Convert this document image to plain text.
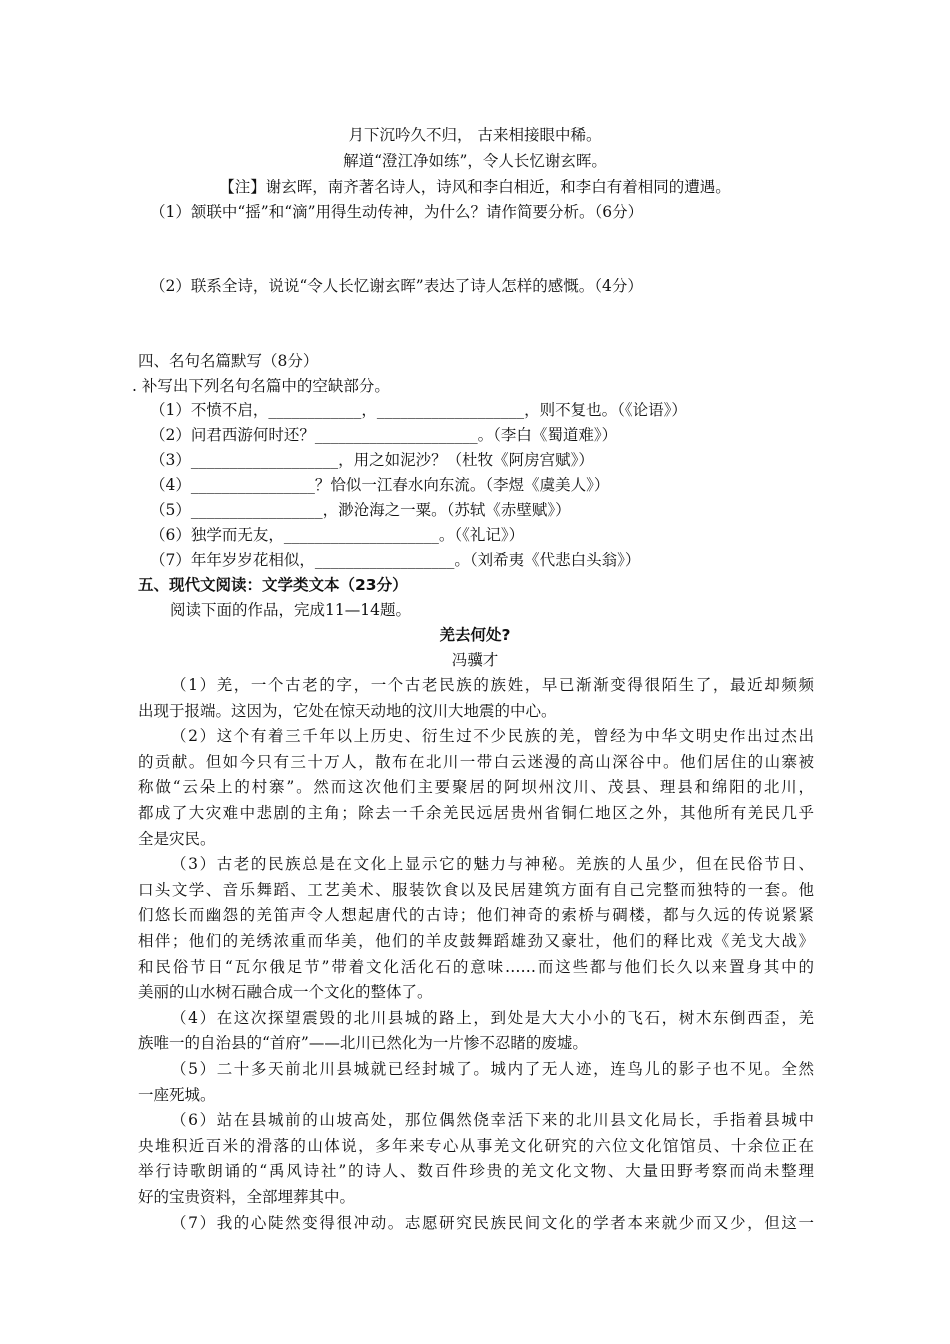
月下沉吟久不归， 古来相接眼中稀。
解道“澄江净如练”，令人长忆谢玄晖。
【注】谢玄晖，南齐著名诗人，诗风和李白相近，和李白有着相同的遭遇。
（1）颔联中“摇”和“滴”用得生动传神，为什么？请作简要分析。（6分）
（2）联系全诗，说说“令人长忆谢玄晖”表达了诗人怎样的感慨。（4分）
四、名句名篇默写（8分）
. 补写出下列名句名篇中的空缺部分。
（1）不愤不启，____________，___________________，则不复也。（《论语》）
（2）问君西游何时还？_____________________。（李白《蜀道难》）
（3）___________________，用之如泥沙？（杜牧《阿房宫赋》）
（4）________________？恰似一江春水向东流。（李煜《虞美人》）
（5）_________________，渺沧海之一粟。（苏轼《赤壁赋》）
（6）独学而无友，____________________。（《礼记》）
（7）年年岁岁花相似，__________________。（刘希夷《代悲白头翁》）
五、现代文阅读：文学类文本（23分）
阅读下面的作品，完成11—14题。
羌去何处?
冯骥才
（1）羌，一个古老的字，一个古老民族的族姓，早已渐渐变得很陌生了，最近却频频
出现于报端。这因为，它处在惊天动地的汶川大地震的中心。
（2）这个有着三千年以上历史、衍生过不少民族的羌，曾经为中华文明史作出过杰出
的贡献。但如今只有三十万人，散布在北川一带白云迷漫的高山深谷中。他们居住的山寨被
称做“云朵上的村寨”。然而这次他们主要聚居的阿坝州汶川、茂县、理县和绵阳的北川，
都成了大灾难中悲剧的主角；除去一千余羌民远居贵州省铜仁地区之外，其他所有羌民几乎
全是灾民。
（3）古老的民族总是在文化上显示它的魅力与神秘。羌族的人虽少，但在民俗节日、
口头文学、音乐舞蹈、工艺美术、服装饮食以及民居建筑方面有自己完整而独特的一套。他
们悠长而幽怨的羌笛声令人想起唐代的古诗；他们神奇的索桥与碉楼，都与久远的传说紧紧
相伴；他们的羌绣浓重而华美，他们的羊皮鼓舞蹈雄劲又豪壮，他们的释比戏《羌戈大战》
和民俗节日“瓦尔俄足节”带着文化活化石的意味……而这些都与他们长久以来置身其中的
美丽的山水树石融合成一个文化的整体了。
（4）在这次探望震毁的北川县城的路上，到处是大大小小的飞石，树木东倒西歪，羌
族唯一的自治县的“首府”——北川已然化为一片惨不忍睹的废墟。
（5）二十多天前北川县城就已经封城了。城内了无人迹，连鸟儿的影子也不见。全然
一座死城。
（6）站在县城前的山坡高处，那位偶然侥幸活下来的北川县文化局长，手指着县城中
央堆积近百米的滑落的山体说，多年来专心从事羌文化研究的六位文化馆馆员、十余位正在
举行诗歌朗诵的“禹风诗社”的诗人、数百件珍贵的羌文化文物、大量田野考察而尚未整理
好的宝贵资料，全部埋葬其中。
（7）我的心陡然变得很冲动。志愿研究民族民间文化的学者本来就少而又少，但这一
